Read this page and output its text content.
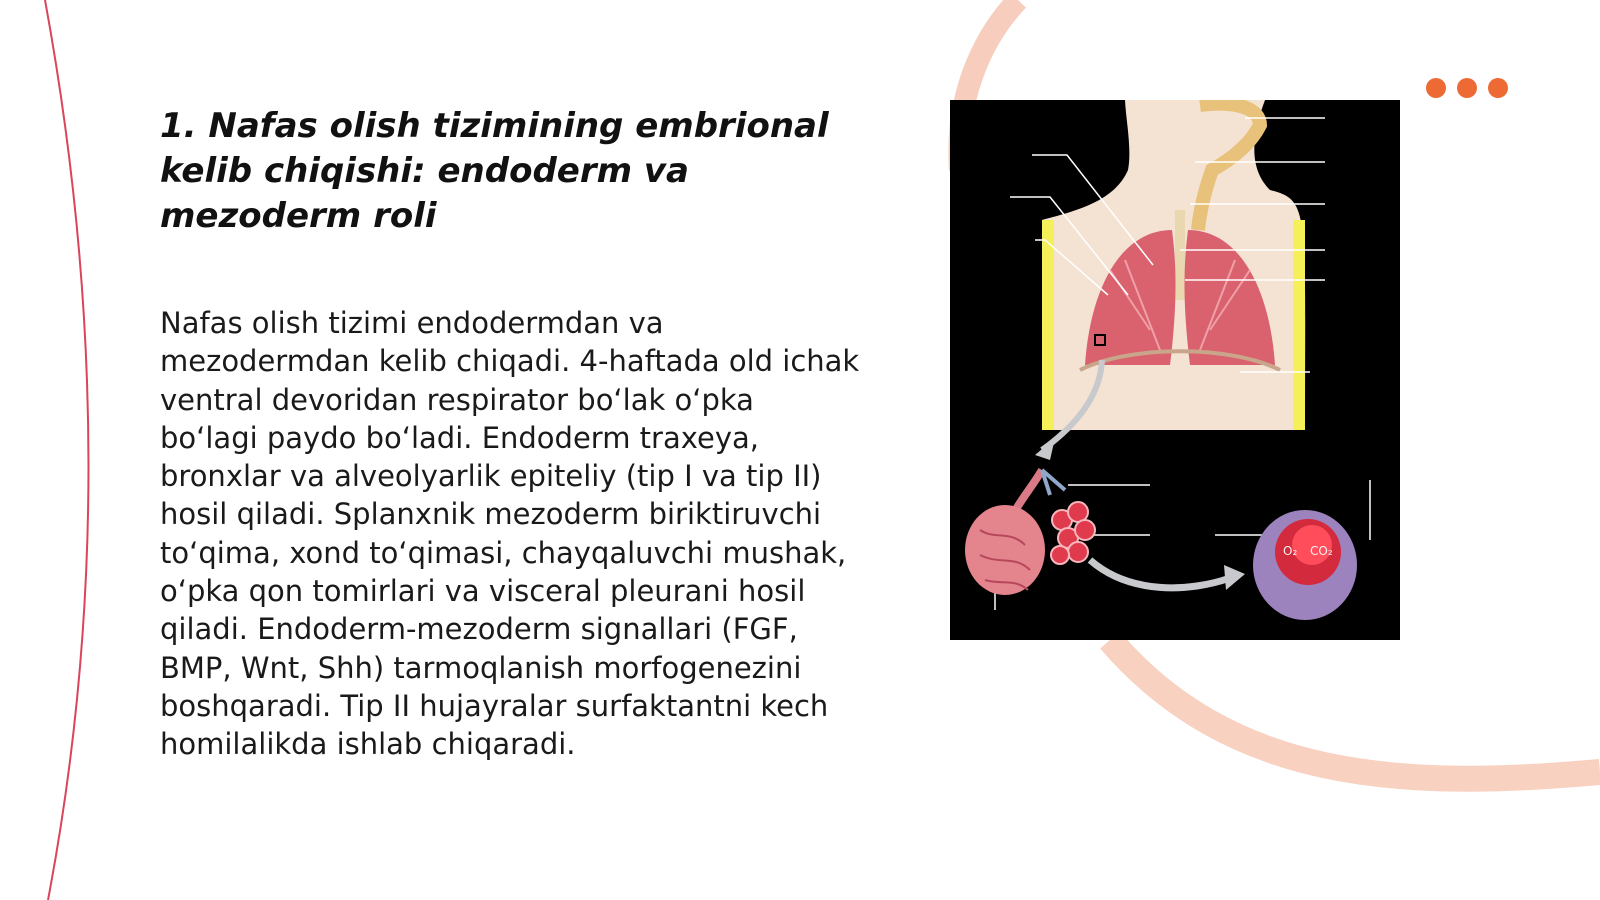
1. Nafas olish tizimining embrional kelib chiqishi: endoderm va mezoderm roli

Nafas olish tizimi endodermdan va mezodermdan kelib chiqadi. 4-haftada old ichak ventral devoridan respirator bo‘lak o‘pka bo‘lagi paydo bo‘ladi. Endoderm traxeya, bronxlar va alveolyarlik epiteliy (tip I va tip II) hosil qiladi. Splanxnik mezoderm biriktiruvchi to‘qima, xond to‘qimasi, chayqaluvchi mushak, o‘pka qon tomirlari va visceral pleurani hosil qiladi. Endoderm-mezoderm signallari (FGF, BMP, Wnt, Shh) tarmoqlanish morfogenezini boshqaradi. Tip II hujayralar surfaktantni kech homilalikda ishlab chiqaradi.

O₂ CO₂
